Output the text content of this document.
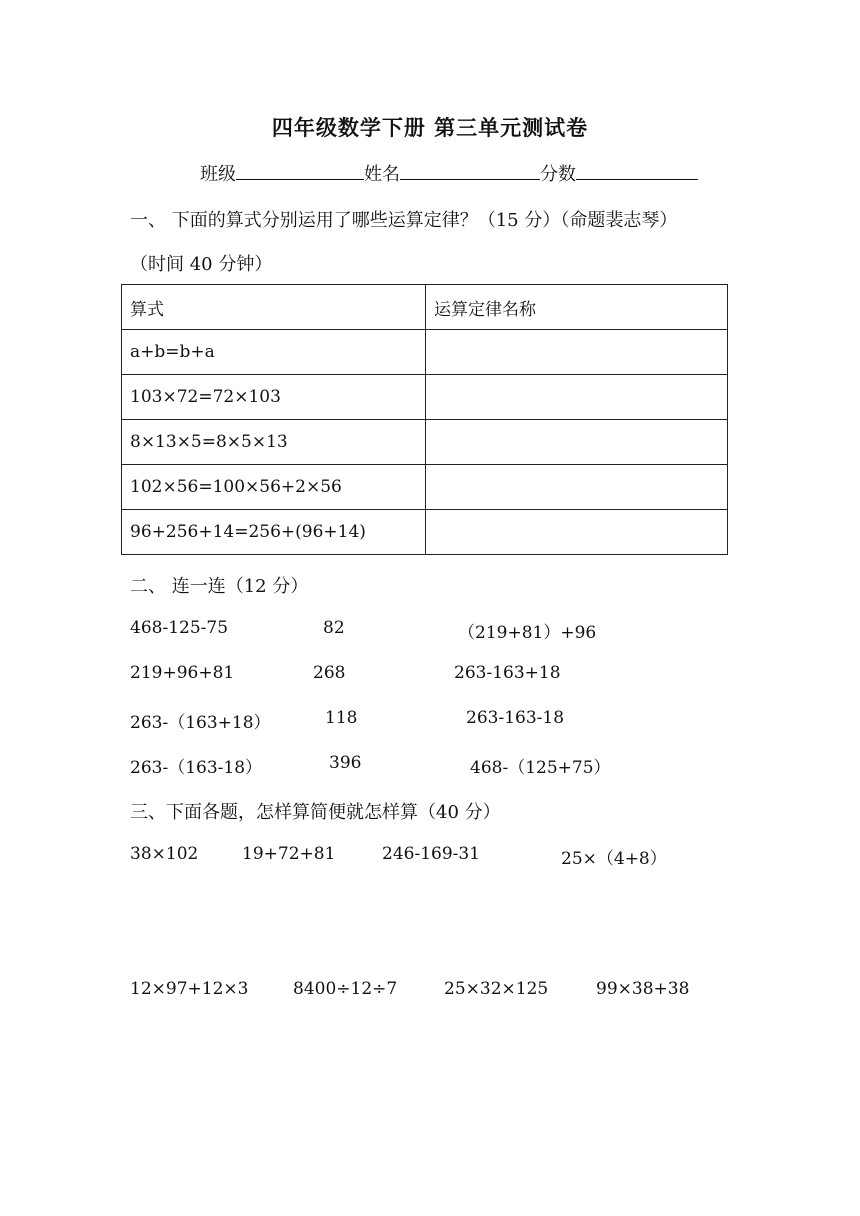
四年级数学下册 第三单元测试卷
班级	姓名	分数
一、 下面的算式分别运用了哪些运算定律？（15 分）（命题裴志琴）
（时间 40 分钟）
算式	运算定律名称
a+b=b+a	
103×72=72×103	
8×13×5=8×5×13	
102×56=100×56+2×56	
96+256+14=256+(96+14)	
二、 连一连（12 分）
468-125-75	82	（219+81）+96
219+96+81	268	263-163+18
263-（163+18）	118	263-163-18
263-（163-18）	396	468-（125+75）
三、下面各题，怎样算简便就怎样算（40 分）
38×102	19+72+81	246-169-31	25×（4+8）
12×97+12×3	8400÷12÷7	25×32×125	99×38+38
